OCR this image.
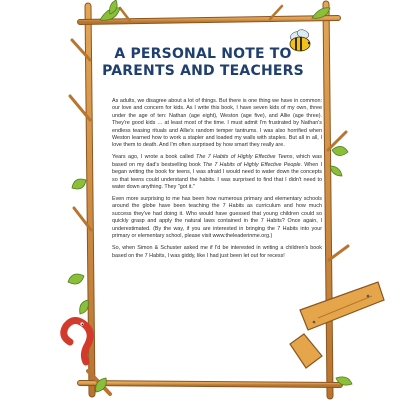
A PERSONAL NOTE TO
PARENTS AND TEACHERS

As adults, we disagree about a lot of things. But there is one thing we have in common: our love and concern for kids. As I write this book, I have seven kids of my own, three under the age of ten: Nathan (age eight), Weston (age five), and Allie (age three). They're good kids … at least most of the time. I must admit I'm frustrated by Nathan's endless teasing rituals and Allie's random temper tantrums. I was also horrified when Weston learned how to work a stapler and loaded my walls with staples. But all in all, I love them to death. And I'm often surprised by how smart they really are.

Years ago, I wrote a book called The 7 Habits of Highly Effective Teens, which was based on my dad's bestselling book The 7 Habits of Highly Effective People. When I began writing the book for teens, I was afraid I would need to water down the concepts so that teens could understand the habits. I was surprised to find that I didn't need to water down anything. They "got it."

Even more surprising to me has been how numerous primary and elementary schools around the globe have been teaching the 7 Habits as curriculum and how much success they've had doing it. Who would have guessed that young children could so quickly grasp and apply the natural laws contained in the 7 Habits? Once again, I underestimated. (By the way, if you are interested in bringing the 7 Habits into your primary or elementary school, please visit www.theleaderinme.org.)

So, when Simon & Schuster asked me if I'd be interested in writing a children's book based on the 7 Habits, I was giddy, like I had just been let out for recess!
